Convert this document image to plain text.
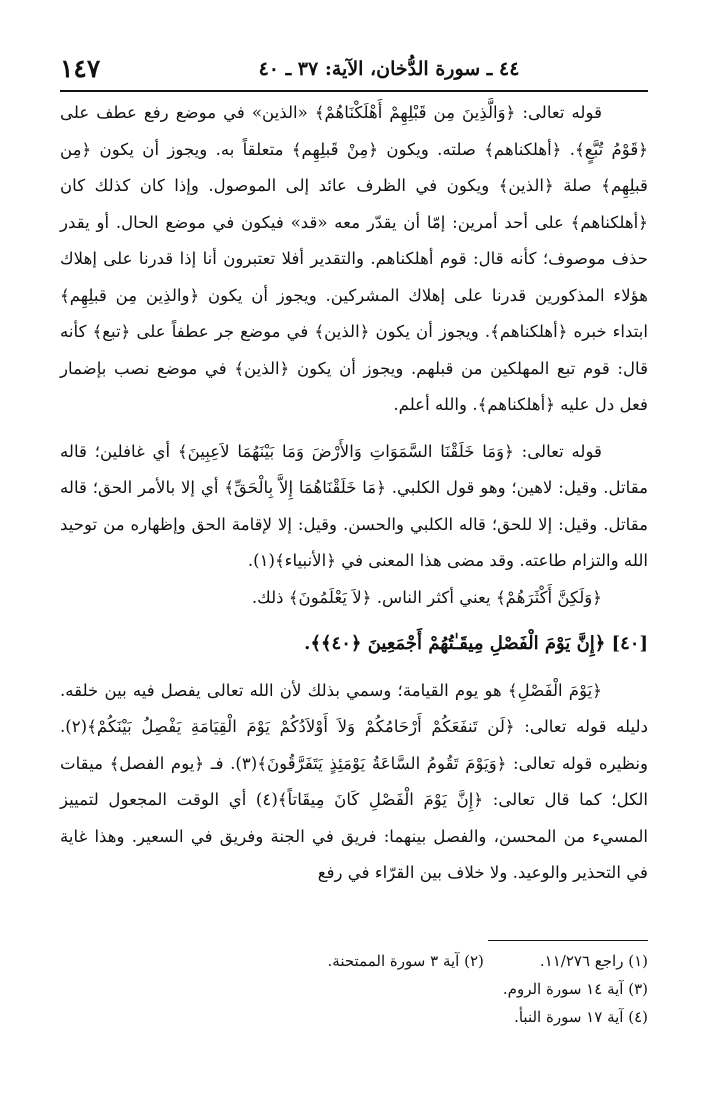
١٤٧	٤٤ ـ سورة الدُّخان، الآية: ٣٧ ـ ٤٠

قوله تعالى: ﴿وَالَّذِينَ مِن قَبْلِهِمْ أَهْلَكْنَاهُمْ﴾ «الذين» في موضع رفع عطف على ﴿قَوْمُ تُبَّعٍ﴾. ﴿أهلكناهم﴾ صلته. ويكون ﴿مِنْ قَبلِهِم﴾ متعلقاً به. ويجوز أن يكون ﴿مِن قبلِهِم﴾ صلة ﴿الذين﴾ ويكون في الظرف عائد إلى الموصول. وإذا كان كذلك كان ﴿أهلكناهم﴾ على أحد أمرين: إمّا أن يقدّر معه «قد» فيكون في موضع الحال. أو يقدر حذف موصوف؛ كأنه قال: قوم أهلكناهم. والتقدير أفلا تعتبرون أنا إذا قدرنا على إهلاك هؤلاء المذكورين قدرنا على إهلاك المشركين. ويجوز أن يكون ﴿والذِين مِن قبلِهِم﴾ ابتداء خبره ﴿أهلكناهم﴾. ويجوز أن يكون ﴿الذين﴾ في موضع جر عطفاً على ﴿تبع﴾ كأنه قال: قوم تبع المهلكين من قبلهم. ويجوز أن يكون ﴿الذين﴾ في موضع نصب بإضمار فعل دل عليه ﴿أهلكناهم﴾. والله أعلم.

قوله تعالى: ﴿وَمَا خَلَقْنَا السَّمَوَاتِ وَالأَرْضَ وَمَا بَيْنَهُمَا لاَعِبِينَ﴾ أي غافلين؛ قاله مقاتل. وقيل: لاهين؛ وهو قول الكلبي. ﴿مَا خَلَقْنَاهُمَا إِلاَّ بِالْحَقِّ﴾ أي إلا بالأمر الحق؛ قاله مقاتل. وقيل: إلا للحق؛ قاله الكلبي والحسن. وقيل: إلا لإقامة الحق وإظهاره من توحيد الله والتزام طاعته. وقد مضى هذا المعنى في ﴿الأنبياء﴾(١).

﴿وَلَكِنَّ أَكْثَرَهُمْ﴾ يعني أكثر الناس. ﴿لاَ يَعْلَمُونَ﴾ ذلك.

[٤٠] ﴿إِنَّ يَوْمَ الْفَصْلِ مِيقَـٰتُهُمْ أَجْمَعِينَ ﴿٤٠﴾﴾.

﴿يَوْمَ الْفَصْلِ﴾ هو يوم القيامة؛ وسمي بذلك لأن الله تعالى يفصل فيه بين خلقه. دليله قوله تعالى: ﴿لَن تَنفَعَكُمْ أَرْحَامُكُمْ وَلاَ أَوْلاَدُكُمْ يَوْمَ الْقِيَامَةِ يَفْصِلُ بَيْنَكُمْ﴾(٢). ونظيره قوله تعالى: ﴿وَيَوْمَ تَقُومُ السَّاعَةُ يَوْمَئِذٍ يَتَفَرَّقُونَ﴾(٣). فـ ﴿يوم الفصل﴾ ميقات الكل؛ كما قال تعالى: ﴿إِنَّ يَوْمَ الْفَصْلِ كَانَ مِيقَاتاً﴾(٤) أي الوقت المجعول لتمييز المسيء من المحسن، والفصل بينهما: فريق في الجنة وفريق في السعير. وهذا غاية في التحذير والوعيد. ولا خلاف بين القرّاء في رفع

(١) راجع ١١/٢٧٦.
(٢) آية ٣ سورة الممتحنة.
(٣) آية ١٤ سورة الروم.
(٤) آية ١٧ سورة النبأ.
